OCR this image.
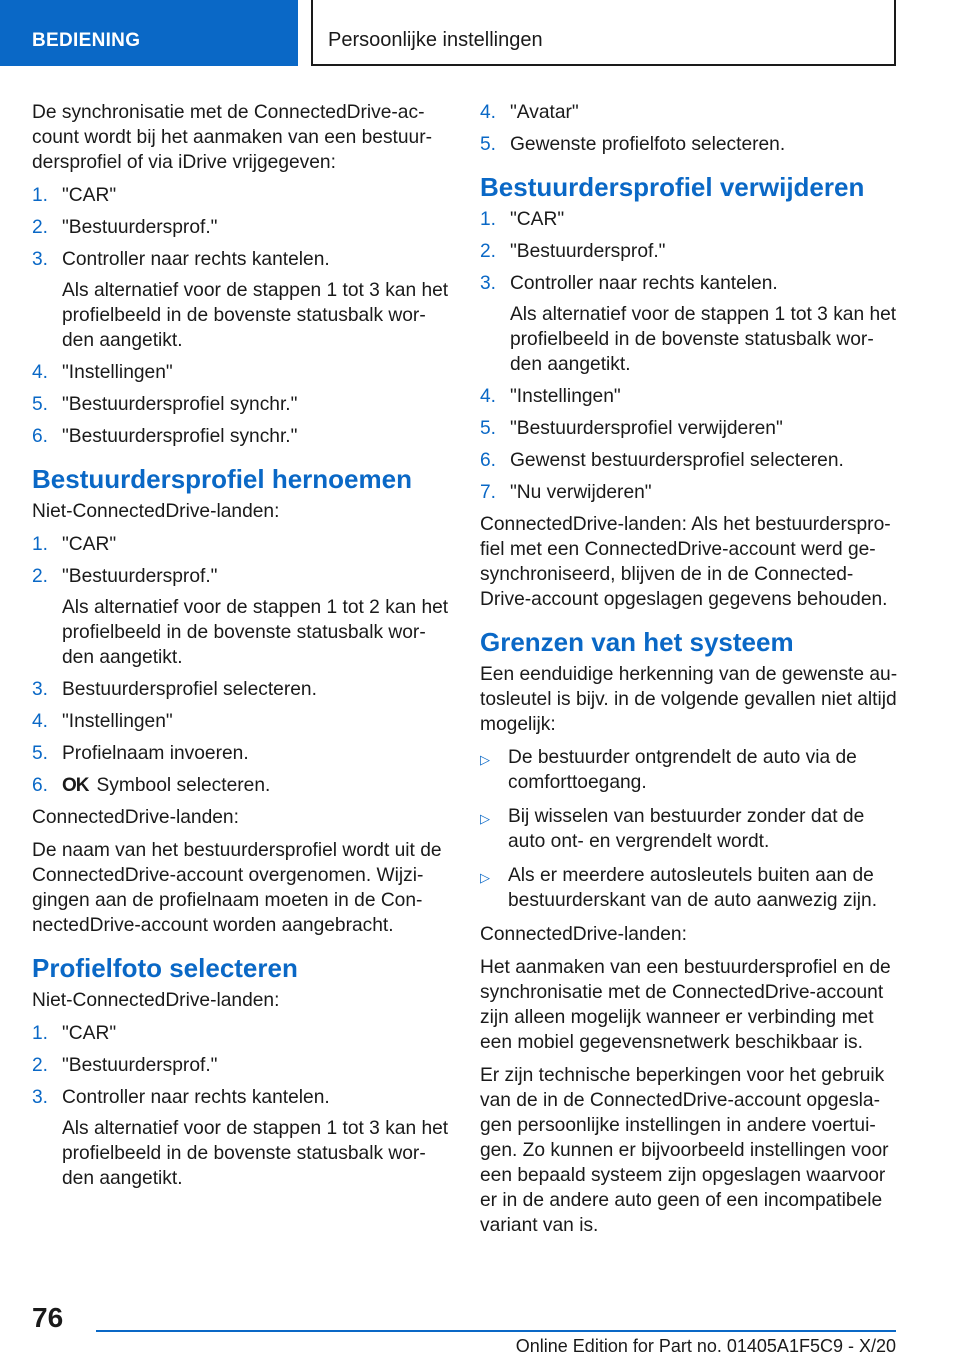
BEDIENING	Persoonlijke instellingen

De synchronisatie met de ConnectedDrive-ac-count wordt bij het aanmaken van een bestuur-dersprofiel of via iDrive vrijgegeven:

1. "CAR"
2. "Bestuurdersprof."
3. Controller naar rechts kantelen.
Als alternatief voor de stappen 1 tot 3 kan het profielbeeld in de bovenste statusbalk wor-den aangetikt.
4. "Instellingen"
5. "Bestuurdersprofiel synchr."
6. "Bestuurdersprofiel synchr."
Bestuurdersprofiel hernoemen

Niet-ConnectedDrive-landen:

1. "CAR"
2. "Bestuurdersprof."
Als alternatief voor de stappen 1 tot 2 kan het profielbeeld in de bovenste statusbalk wor-den aangetikt.
3. Bestuurdersprofiel selecteren.
4. "Instellingen"
5. Profielnaam invoeren.
6. OK Symbool selecteren.

ConnectedDrive-landen:

De naam van het bestuurdersprofiel wordt uit de ConnectedDrive-account overgenomen. Wijzi-gingen aan de profielnaam moeten in de Con-nectedDrive-account worden aangebracht.

Profielfoto selecteren

Niet-ConnectedDrive-landen:

1. "CAR"
2. "Bestuurdersprof."
3. Controller naar rechts kantelen.
Als alternatief voor de stappen 1 tot 3 kan het profielbeeld in de bovenste statusbalk wor-den aangetikt.
4. "Avatar"
5. Gewenste profielfoto selecteren.
Bestuurdersprofiel verwijderen
1. "CAR"
2. "Bestuurdersprof."
3. Controller naar rechts kantelen.
Als alternatief voor de stappen 1 tot 3 kan het profielbeeld in de bovenste statusbalk wor-den aangetikt.
4. "Instellingen"
5. "Bestuurdersprofiel verwijderen"
6. Gewenst bestuurdersprofiel selecteren.
7. "Nu verwijderen"

ConnectedDrive-landen: Als het bestuurderspro-fiel met een ConnectedDrive-account werd ge-synchroniseerd, blijven de in de Connected-Drive-account opgeslagen gegevens behouden.

Grenzen van het systeem

Een eenduidige herkenning van de gewenste au-tosleutel is bijv. in de volgende gevallen niet altijd mogelijk:

▷ De bestuurder ontgrendelt de auto via de comforttoegang.
▷ Bij wisselen van bestuurder zonder dat de auto ont- en vergrendelt wordt.
▷ Als er meerdere autosleutels buiten aan de bestuurderskant van de auto aanwezig zijn.

ConnectedDrive-landen:

Het aanmaken van een bestuurdersprofiel en de synchronisatie met de ConnectedDrive-account zijn alleen mogelijk wanneer er verbinding met een mobiel gegevensnetwerk beschikbaar is.

Er zijn technische beperkingen voor het gebruik van de in de ConnectedDrive-account opgesla-gen persoonlijke instellingen in andere voertui-gen. Zo kunnen er bijvoorbeeld instellingen voor een bepaald systeem zijn opgeslagen waarvoor er in de andere auto geen of een incompatibele variant van is.

76
Online Edition for Part no. 01405A1F5C9 - X/20
